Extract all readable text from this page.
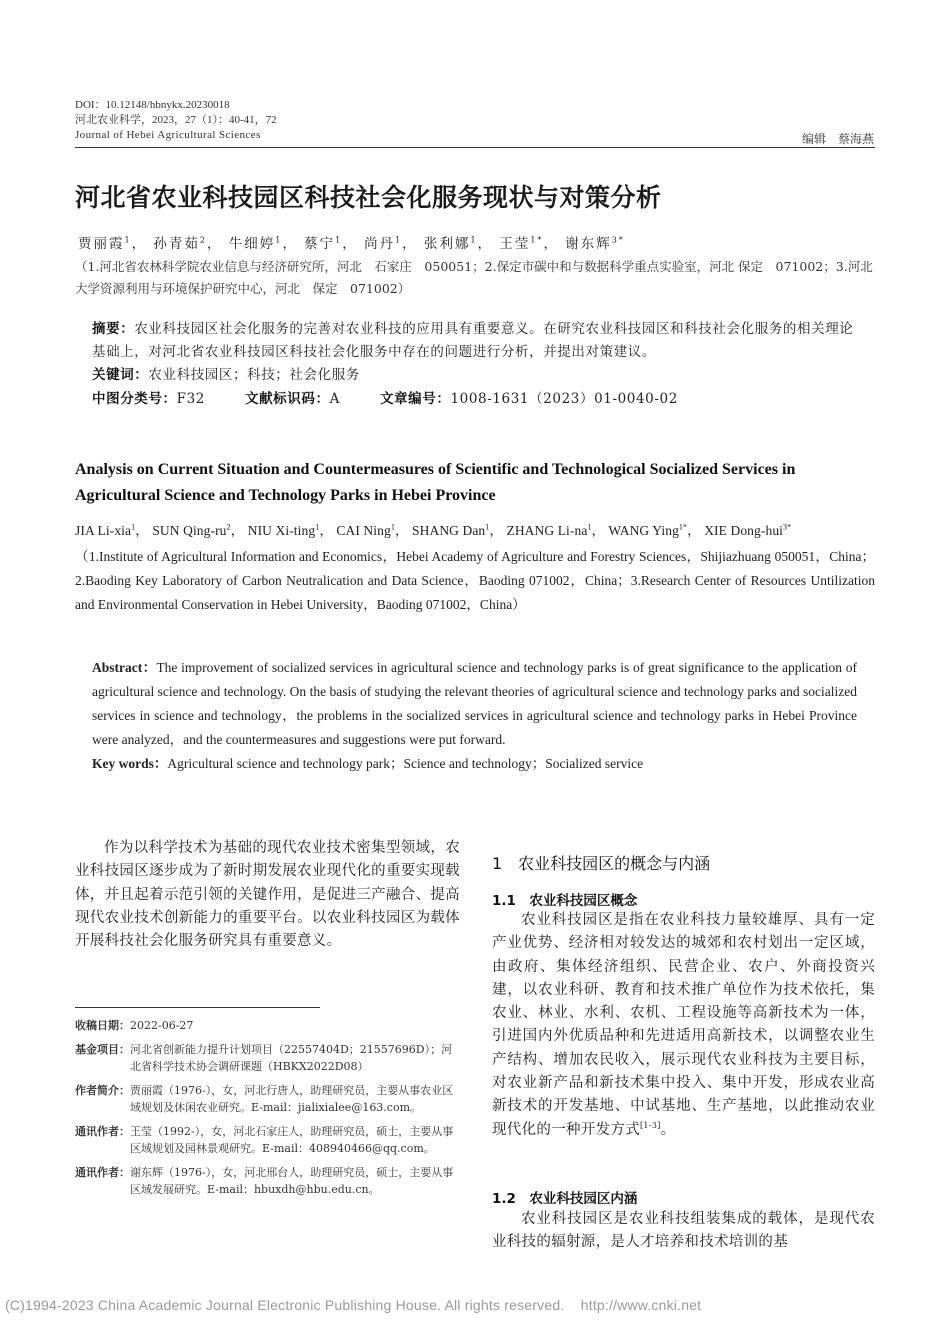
DOI：10.12148/hbnykx.20230018
河北农业科学，2023，27（1）：40-41，72
Journal of Hebei Agricultural Sciences	编辑　蔡海燕
河北省农业科技园区科技社会化服务现状与对策分析
贾丽霞$^1$， 孙青茹$^2$， 牛细婷$^1$， 蔡宁$^1$， 尚丹$^1$， 张利娜$^1$， 王莹$^{1*}$， 谢东辉$^{3*}$
（1.河北省农林科学院农业信息与经济研究所，河北　石家庄　050051；2.保定市碳中和与数据科学重点实验室，河北 保定　071002；3.河北大学资源利用与环境保护研究中心，河北　保定　071002）

摘要：农业科技园区社会化服务的完善对农业科技的应用具有重要意义。在研究农业科技园区和科技社会化服务的相关理论基础上，对河北省农业科技园区科技社会化服务中存在的问题进行分析，并提出对策建议。

关键词：农业科技园区；科技；社会化服务

中图分类号：F32	文献标识码：A	文章编号：1008-1631（2023）01-0040-02

Analysis on Current Situation and Countermeasures of Scientific and Technological Socialized Services in Agricultural Science and Technology Parks in Hebei Province
JIA Li-xia$^1$， SUN Qing-$ru^2$， NIU Xi-ting$^1$， CAI Ning$^1$， SHANG Dan$^1$， ZHANG $Li-na^1$， WANG Ying$^{1*}$， XIE Dong-hui$^{3*}$
（1.Institute of Agricultural Information and Economics，Hebei Academy of Agriculture and Forestry Sciences，Shijiazhuang 050051，China；2.Baoding Key Laboratory of Carbon Neutralication and Data Science，Baoding 071002，China；3.Research Center of Resources Untilization and Environmental Conservation in Hebei University，Baoding 071002，China）

Abstract：The improvement of socialized services in agricultural science and technology parks is of great significance to the application of agricultural science and technology. On the basis of studying the relevant theories of agricultural science and technology parks and socialized services in science and technology，the problems in the socialized services in agricultural science and technology parks in Hebei Province were analyzed，and the countermeasures and suggestions were put forward.

Key words：Agricultural science and technology park；Science and technology；Socialized service

作为以科学技术为基础的现代农业技术密集型领域，农业科技园区逐步成为了新时期发展农业现代化的重要实现载体，并且起着示范引领的关键作用，是促进三产融合、提高现代农业技术创新能力的重要平台。以农业科技园区为载体开展科技社会化服务研究具有重要意义。
收稿日期： 2022-06-27
基金项目： 河北省创新能力提升计划项目（22557404D；21557696D）；河北省科学技术协会调研课题（HBKX2022D08）
作者简介： 贾丽霞（1976-），女，河北行唐人，助理研究员，主要从事农业区域规划及休闲农业研究。E-mail：jialixialee@163.com。
通讯作者： 王莹（1992-），女，河北石家庄人，助理研究员，硕士，主要从事区域规划及园林景观研究。E-mail：408940466@qq.com。
通讯作者： 谢东辉（1976-），女，河北邢台人，助理研究员，硕士，主要从事区域发展研究。E-mail：hbuxdh@hbu.edu.cn。
1　农业科技园区的概念与内涵
1.1　农业科技园区概念
农业科技园区是指在农业科技力量较雄厚、具有一定产业优势、经济相对较发达的城郊和农村划出一定区域，由政府、集体经济组织、民营企业、农户、外商投资兴建，以农业科研、教育和技术推广单位作为技术依托，集农业、林业、水利、农机、工程设施等高新技术为一体，引进国内外优质品种和先进适用高新技术，以调整农业生产结构、增加农民收入，展示现代农业科技为主要目标，对农业新产品和新技术集中投入、集中开发，形成农业高新技术的开发基地、中试基地、生产基地，以此推动农业现代化的一种开发方式[1-3]。
1.2　农业科技园区内涵
农业科技园区是农业科技组装集成的载体，是现代农业科技的辐射源，是人才培养和技术培训的基
(C)1994-2023 China Academic Journal Electronic Publishing House. All rights reserved.    http://www.cnki.net
